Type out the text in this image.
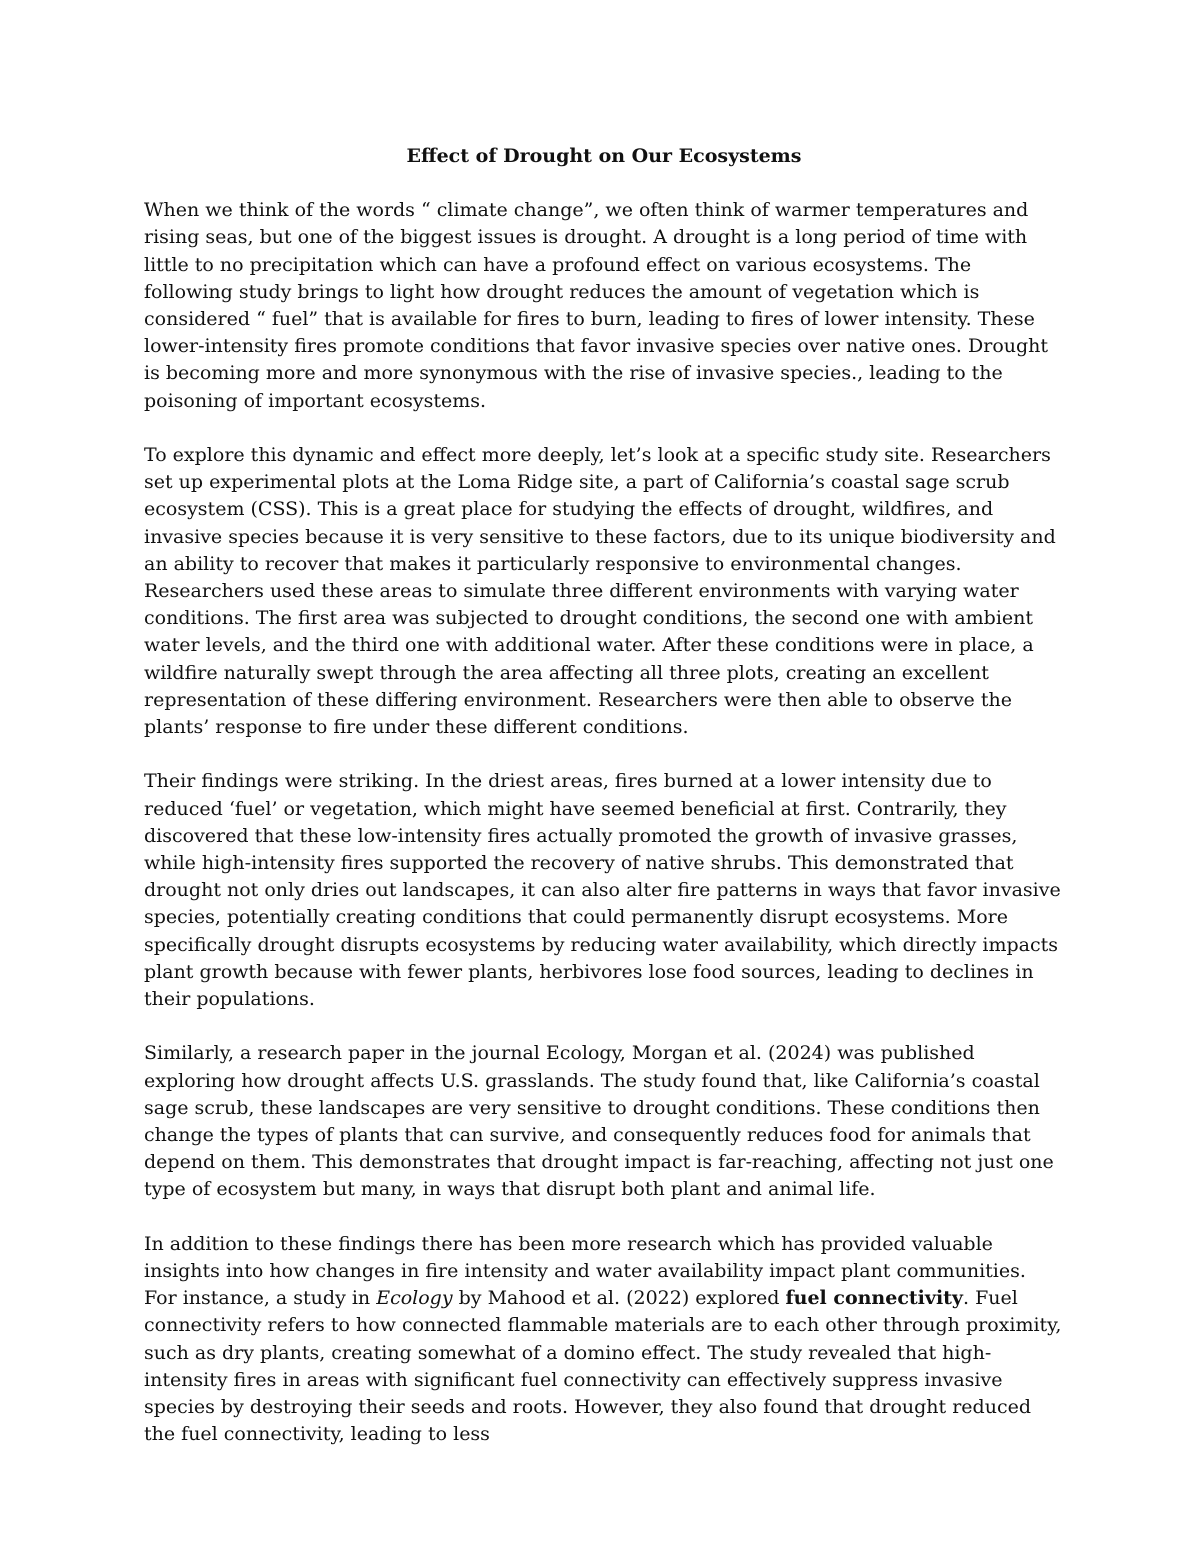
Effect of Drought on Our Ecosystems

When we think of the words “ climate change”, we often think of warmer temperatures and rising seas, but one of the biggest issues is drought. A drought is a long period of time with little to no precipitation which can have a profound effect on various ecosystems. The following study brings to light how drought reduces the amount of vegetation which is considered “ fuel” that is available for fires to burn, leading to fires of lower intensity. These lower-intensity fires promote conditions that favor invasive species over native ones. Drought is becoming more and more synonymous with the rise of invasive species., leading to the poisoning of important ecosystems.

To explore this dynamic and effect more deeply, let’s look at a specific study site. Researchers set up experimental plots at the Loma Ridge site, a part of California’s coastal sage scrub ecosystem (CSS). This is a great place for studying the effects of drought, wildfires, and invasive species because it is very sensitive to these factors, due to its unique biodiversity and an ability to recover that makes it particularly responsive to environmental changes. Researchers used these areas to simulate three different environments with varying water conditions. The first area was subjected to drought conditions, the second one with ambient water levels, and the third one with additional water. After these conditions were in place, a wildfire naturally swept through the area affecting all three plots, creating an excellent representation of these differing environment. Researchers were then able to observe the plants’ response to fire under these different conditions.

Their findings were striking. In the driest areas, fires burned at a lower intensity due to reduced ‘fuel’ or vegetation, which might have seemed beneficial at first. Contrarily, they discovered that these low-intensity fires actually promoted the growth of invasive grasses, while high-intensity fires supported the recovery of native shrubs. This demonstrated that drought not only dries out landscapes, it can also alter fire patterns in ways that favor invasive species, potentially creating conditions that could permanently disrupt ecosystems. More specifically drought disrupts ecosystems by reducing water availability, which directly impacts plant growth because with fewer plants, herbivores lose food sources, leading to declines in their populations.

Similarly, a research paper in the journal Ecology, Morgan et al. (2024) was published exploring how drought affects U.S. grasslands. The study found that, like California’s coastal sage scrub, these landscapes are very sensitive to drought conditions. These conditions then change the types of plants that can survive, and consequently reduces food for animals that depend on them. This demonstrates that drought impact is far-reaching, affecting not just one type of ecosystem but many, in ways that disrupt both plant and animal life.

In addition to these findings there has been more research which has provided valuable insights into how changes in fire intensity and water availability impact plant communities. For instance, a study in Ecology by Mahood et al. (2022) explored fuel connectivity. Fuel connectivity refers to how connected flammable materials are to each other through proximity, such as dry plants, creating somewhat of a domino effect. The study revealed that high-intensity fires in areas with significant fuel connectivity can effectively suppress invasive species by destroying their seeds and roots. However, they also found that drought reduced the fuel connectivity, leading to less
